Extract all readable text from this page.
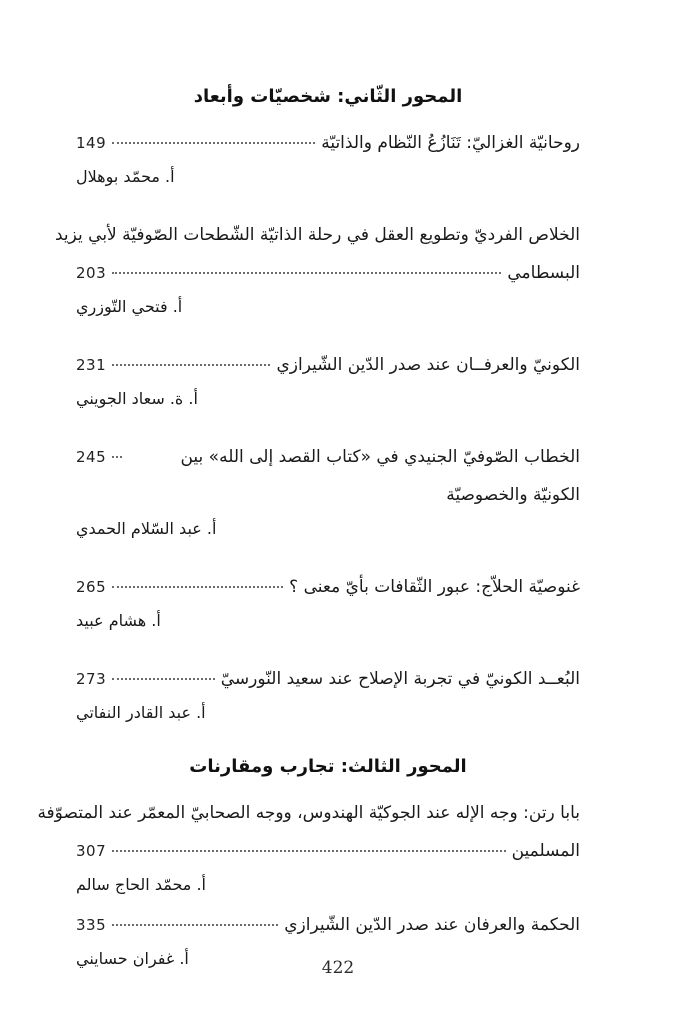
المحور الثّاني: شخصيّات وأبعاد
روحانيّة الغزاليّ: تَنَازُعُ النّظام والذاتيّة
149
أ. محمّد بوهلال
الخلاص الفرديّ وتطويع العقل في رحلة الذاتيّة الشّطحات الصّوفيّة لأبي يزيد
البسطامي
203
أ. فتحي التّوزري
الكونيّ والعرفــان عند صدر الدّين الشّيرازي
231
أ. ة. سعاد الجويني
الخطاب الصّوفيّ الجنيدي في «كتاب القصد إلى الله» بين الكونيّة والخصوصيّة
245
أ. عبد السّلام الحمدي
غنوصيّة الحلاّج: عبور الثّقافات بأيّ معنى ؟
265
أ. هشام عبيد
البُعــد الكونيّ في تجربة الإصلاح عند سعيد النّورسيّ
273
أ. عبد القادر النفاتي
المحور الثالث: تجارب ومقارنات
بابا رتن: وجه الإله عند الجوكيّة الهندوس، ووجه الصحابيّ المعمّر عند المتصوّفة
المسلمين
307
أ. محمّد الحاج سالم
الحكمة والعرفان عند صدر الدّين الشّيرازي
335
أ. غفران حسايني	422
